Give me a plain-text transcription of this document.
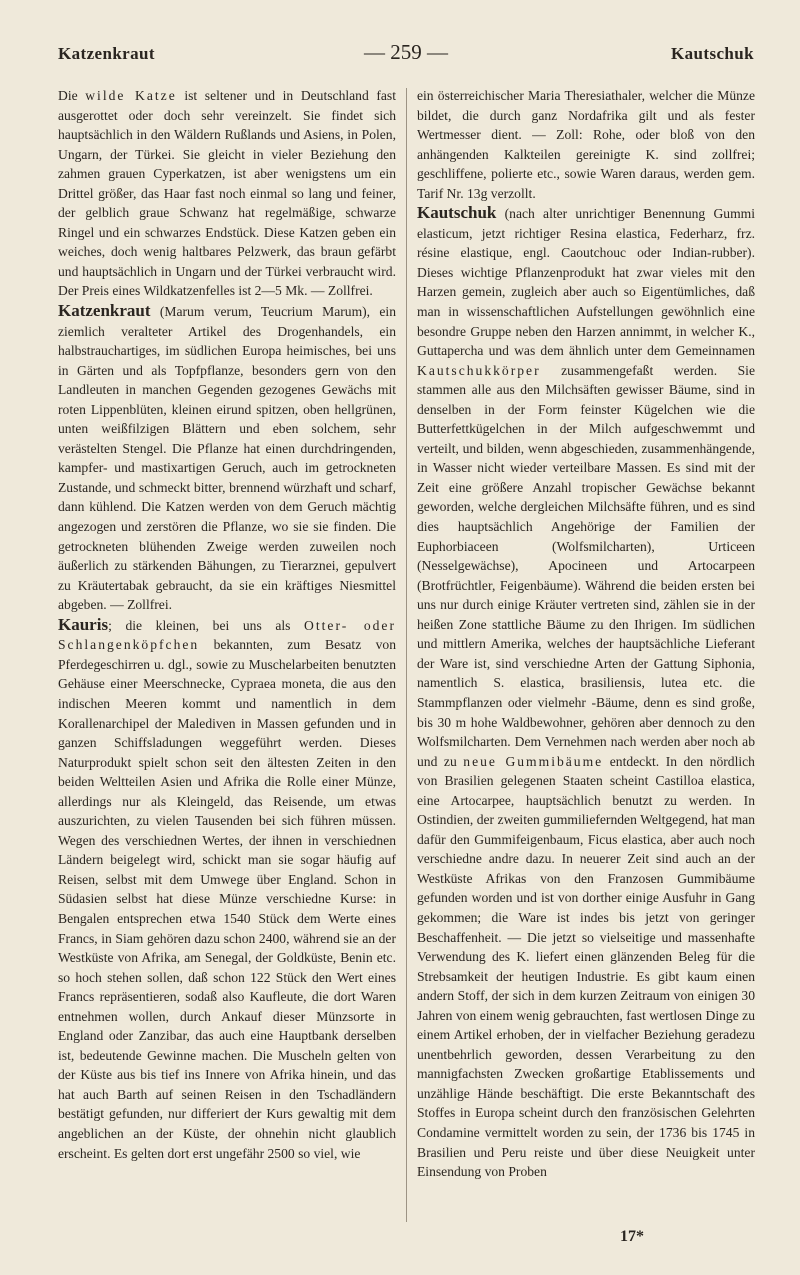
Katzenkraut	— 259 —	Kautschuk

Die wilde Katze ist seltener und in Deutschland fast ausgerottet oder doch sehr vereinzelt. Sie findet sich hauptsächlich in den Wäldern Rußlands und Asiens, in Polen, Ungarn, der Türkei. Sie gleicht in vieler Beziehung den zahmen grauen Cyperkatzen, ist aber wenigstens um ein Drittel größer, das Haar fast noch einmal so lang und feiner, der gelblich graue Schwanz hat regelmäßige, schwarze Ringel und ein schwarzes Endstück. Diese Katzen geben ein weiches, doch wenig haltbares Pelzwerk, das braun gefärbt und hauptsächlich in Ungarn und der Türkei verbraucht wird. Der Preis eines Wildkatzenfelles ist 2—5 Mk. — Zollfrei.

Katzenkraut (Marum verum, Teucrium Marum), ein ziemlich veralteter Artikel des Drogenhandels, ein halbstrauchartiges, im südlichen Europa heimisches, bei uns in Gärten und als Topfpflanze, besonders gern von den Landleuten in manchen Gegenden gezogenes Gewächs mit roten Lippenblüten, kleinen eirund spitzen, oben hellgrünen, unten weißfilzigen Blättern und eben solchem, sehr verästelten Stengel. Die Pflanze hat einen durchdringenden, kampfer- und mastixartigen Geruch, auch im getrockneten Zustande, und schmeckt bitter, brennend würzhaft und scharf, dann kühlend. Die Katzen werden von dem Geruch mächtig angezogen und zerstören die Pflanze, wo sie sie finden. Die getrockneten blühenden Zweige werden zuweilen noch äußerlich zu stärkenden Bähungen, zu Tierarznei, gepulvert zu Kräutertabak gebraucht, da sie ein kräftiges Niesmittel abgeben. — Zollfrei.

Kauris; die kleinen, bei uns als Otter- oder Schlangenköpfchen bekannten, zum Besatz von Pferdegeschirren u. dgl., sowie zu Muschelarbeiten benutzten Gehäuse einer Meerschnecke, Cypraea moneta, die aus den indischen Meeren kommt und namentlich in dem Korallenarchipel der Malediven in Massen gefunden und in ganzen Schiffsladungen weggeführt werden. Dieses Naturprodukt spielt schon seit den ältesten Zeiten in den beiden Weltteilen Asien und Afrika die Rolle einer Münze, allerdings nur als Kleingeld, das Reisende, um etwas auszurichten, zu vielen Tausenden bei sich führen müssen. Wegen des verschiednen Wertes, der ihnen in verschiednen Ländern beigelegt wird, schickt man sie sogar häufig auf Reisen, selbst mit dem Umwege über England. Schon in Südasien selbst hat diese Münze verschiedne Kurse: in Bengalen entsprechen etwa 1540 Stück dem Werte eines Francs, in Siam gehören dazu schon 2400, während sie an der Westküste von Afrika, am Senegal, der Goldküste, Benin etc. so hoch stehen sollen, daß schon 122 Stück den Wert eines Francs repräsentieren, sodaß also Kaufleute, die dort Waren entnehmen wollen, durch Ankauf dieser Münzsorte in England oder Zanzibar, das auch eine Hauptbank derselben ist, bedeutende Gewinne machen. Die Muscheln gelten von der Küste aus bis tief ins Innere von Afrika hinein, und das hat auch Barth auf seinen Reisen in den Tschadländern bestätigt gefunden, nur differiert der Kurs gewaltig mit dem angeblichen an der Küste, der ohnehin nicht glaublich erscheint. Es gelten dort erst ungefähr 2500 so viel, wie

ein österreichischer Maria Theresiathaler, welcher die Münze bildet, die durch ganz Nordafrika gilt und als fester Wertmesser dient. — Zoll: Rohe, oder bloß von den anhängenden Kalkteilen gereinigte K. sind zollfrei; geschliffene, polierte etc., sowie Waren daraus, werden gem. Tarif Nr. 13g verzollt.

Kautschuk (nach alter unrichtiger Benennung Gummi elasticum, jetzt richtiger Resina elastica, Federharz, frz. résine elastique, engl. Caoutchouc oder Indian-rubber). Dieses wichtige Pflanzenprodukt hat zwar vieles mit den Harzen gemein, zugleich aber auch so Eigentümliches, daß man in wissenschaftlichen Aufstellungen gewöhnlich eine besondre Gruppe neben den Harzen annimmt, in welcher K., Guttapercha und was dem ähnlich unter dem Gemeinnamen Kautschukkörper zusammengefaßt werden. Sie stammen alle aus den Milchsäften gewisser Bäume, sind in denselben in der Form feinster Kügelchen wie die Butterfettkügelchen in der Milch aufgeschwemmt und verteilt, und bilden, wenn abgeschieden, zusammenhängende, in Wasser nicht wieder verteilbare Massen. Es sind mit der Zeit eine größere Anzahl tropischer Gewächse bekannt geworden, welche dergleichen Milchsäfte führen, und es sind dies hauptsächlich Angehörige der Familien der Euphorbiaceen (Wolfsmilcharten), Urticeen (Nesselgewächse), Apocineen und Artocarpeen (Brotfrüchtler, Feigenbäume). Während die beiden ersten bei uns nur durch einige Kräuter vertreten sind, zählen sie in der heißen Zone stattliche Bäume zu den Ihrigen. Im südlichen und mittlern Amerika, welches der hauptsächliche Lieferant der Ware ist, sind verschiedne Arten der Gattung Siphonia, namentlich S. elastica, brasiliensis, lutea etc. die Stammpflanzen oder vielmehr -Bäume, denn es sind große, bis 30 m hohe Waldbewohner, gehören aber dennoch zu den Wolfsmilcharten. Dem Vernehmen nach werden aber noch ab und zu neue Gummibäume entdeckt. In den nördlich von Brasilien gelegenen Staaten scheint Castilloa elastica, eine Artocarpee, hauptsächlich benutzt zu werden. In Ostindien, der zweiten gummiliefernden Weltgegend, hat man dafür den Gummifeigenbaum, Ficus elastica, aber auch noch verschiedne andre dazu. In neuerer Zeit sind auch an der Westküste Afrikas von den Franzosen Gummibäume gefunden worden und ist von dorther einige Ausfuhr in Gang gekommen; die Ware ist indes bis jetzt von geringer Beschaffenheit. — Die jetzt so vielseitige und massenhafte Verwendung des K. liefert einen glänzenden Beleg für die Strebsamkeit der heutigen Industrie. Es gibt kaum einen andern Stoff, der sich in dem kurzen Zeitraum von einigen 30 Jahren von einem wenig gebrauchten, fast wertlosen Dinge zu einem Artikel erhoben, der in vielfacher Beziehung geradezu unentbehrlich geworden, dessen Verarbeitung zu den mannigfachsten Zwecken großartige Etablissements und unzählige Hände beschäftigt. Die erste Bekanntschaft des Stoffes in Europa scheint durch den französischen Gelehrten Condamine vermittelt worden zu sein, der 1736 bis 1745 in Brasilien und Peru reiste und über diese Neuigkeit unter Einsendung von Proben

17*
